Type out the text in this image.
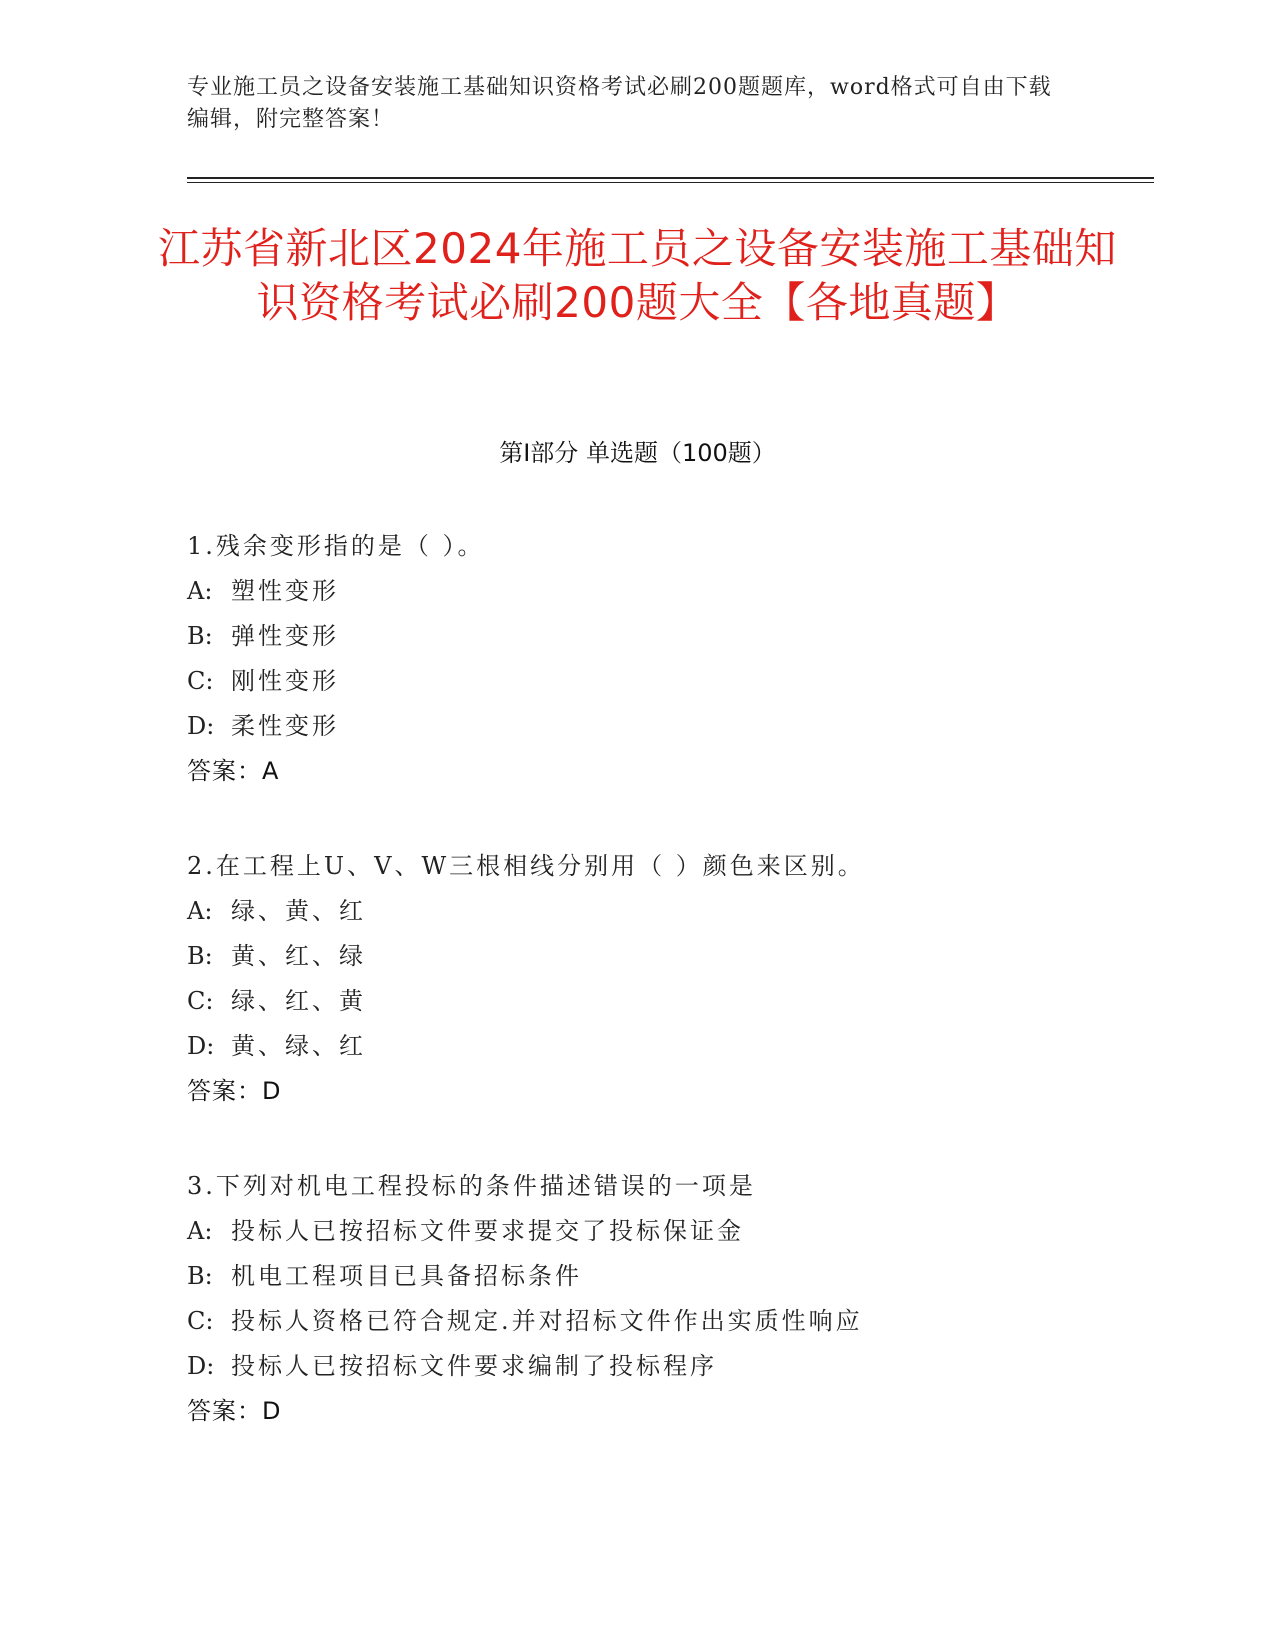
专业施工员之设备安装施工基础知识资格考试必刷200题题库，word格式可自由下载编辑，附完整答案！
江苏省新北区2024年施工员之设备安装施工基础知识资格考试必刷200题大全【各地真题】
第Ⅰ部分 单选题（100题）
1.残余变形指的是（ ）。
A: 塑性变形
B: 弹性变形
C: 刚性变形
D: 柔性变形
答案：A
2.在工程上U、V、W三根相线分别用（ ）颜色来区别。
A: 绿、黄、红
B: 黄、红、绿
C: 绿、红、黄
D: 黄、绿、红
答案：D
3.下列对机电工程投标的条件描述错误的一项是
A: 投标人已按招标文件要求提交了投标保证金
B: 机电工程项目已具备招标条件
C: 投标人资格已符合规定.并对招标文件作出实质性响应
D: 投标人已按招标文件要求编制了投标程序
答案：D
